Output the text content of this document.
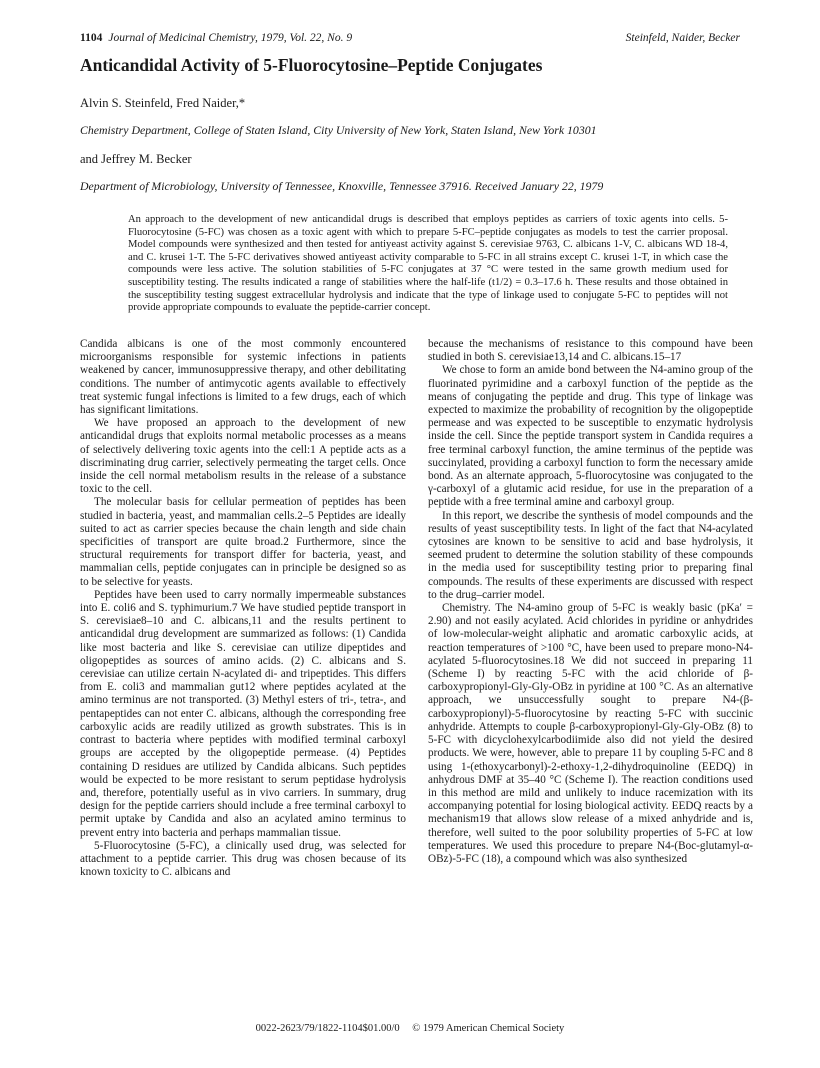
1104 Journal of Medicinal Chemistry, 1979, Vol. 22, No. 9	Steinfeld, Naider, Becker
Anticandidal Activity of 5-Fluorocytosine–Peptide Conjugates
Alvin S. Steinfeld, Fred Naider,*
Chemistry Department, College of Staten Island, City University of New York, Staten Island, New York 10301
and Jeffrey M. Becker
Department of Microbiology, University of Tennessee, Knoxville, Tennessee 37916. Received January 22, 1979

An approach to the development of new anticandidal drugs is described that employs peptides as carriers of toxic agents into cells. 5-Fluorocytosine (5-FC) was chosen as a toxic agent with which to prepare 5-FC–peptide conjugates as models to test the carrier proposal. Model compounds were synthesized and then tested for antiyeast activity against S. cerevisiae 9763, C. albicans 1-V, C. albicans WD 18-4, and C. krusei 1-T. The 5-FC derivatives showed antiyeast activity comparable to 5-FC in all strains except C. krusei 1-T, in which case the compounds were less active. The solution stabilities of 5-FC conjugates at 37 °C were tested in the same growth medium used for susceptibility testing. The results indicated a range of stabilities where the half-life (t1/2) = 0.3–17.6 h. These results and those obtained in the susceptibility testing suggest extracellular hydrolysis and indicate that the type of linkage used to conjugate 5-FC to peptides will not provide appropriate compounds to evaluate the peptide-carrier concept.

Candida albicans is one of the most commonly encountered microorganisms responsible for systemic infections in patients weakened by cancer, immunosuppressive therapy, and other debilitating conditions. The number of antimycotic agents available to effectively treat systemic fungal infections is limited to a few drugs, each of which has significant limitations.

We have proposed an approach to the development of new anticandidal drugs that exploits normal metabolic processes as a means of selectively delivering toxic agents into the cell:1 A peptide acts as a discriminating drug carrier, selectively permeating the target cells. Once inside the cell normal metabolism results in the release of a substance toxic to the cell.

The molecular basis for cellular permeation of peptides has been studied in bacteria, yeast, and mammalian cells.2–5 Peptides are ideally suited to act as carrier species because the chain length and side chain specificities of transport are quite broad.2 Furthermore, since the structural requirements for transport differ for bacteria, yeast, and mammalian cells, peptide conjugates can in principle be designed so as to be selective for yeasts.

Peptides have been used to carry normally impermeable substances into E. coli6 and S. typhimurium.7 We have studied peptide transport in S. cerevisiae8–10 and C. albicans,11 and the results pertinent to anticandidal drug development are summarized as follows: (1) Candida like most bacteria and like S. cerevisiae can utilize dipeptides and oligopeptides as sources of amino acids. (2) C. albicans and S. cerevisiae can utilize certain N-acylated di- and tripeptides. This differs from E. coli3 and mammalian gut12 where peptides acylated at the amino terminus are not transported. (3) Methyl esters of tri-, tetra-, and pentapeptides can not enter C. albicans, although the corresponding free carboxylic acids are readily utilized as growth substrates. This is in contrast to bacteria where peptides with modified terminal carboxyl groups are accepted by the oligopeptide permease. (4) Peptides containing D residues are utilized by Candida albicans. Such peptides would be expected to be more resistant to serum peptidase hydrolysis and, therefore, potentially useful as in vivo carriers. In summary, drug design for the peptide carriers should include a free terminal carboxyl to permit uptake by Candida and also an acylated amino terminus to prevent entry into bacteria and perhaps mammalian tissue.

5-Fluorocytosine (5-FC), a clinically used drug, was selected for attachment to a peptide carrier. This drug was chosen because of its known toxicity to C. albicans and

because the mechanisms of resistance to this compound have been studied in both S. cerevisiae13,14 and C. albicans.15–17

We chose to form an amide bond between the N4-amino group of the fluorinated pyrimidine and a carboxyl function of the peptide as the means of conjugating the peptide and drug. This type of linkage was expected to maximize the probability of recognition by the oligopeptide permease and was expected to be susceptible to enzymatic hydrolysis inside the cell. Since the peptide transport system in Candida requires a free terminal carboxyl function, the amine terminus of the peptide was succinylated, providing a carboxyl function to form the necessary amide bond. As an alternate approach, 5-fluorocytosine was conjugated to the γ-carboxyl of a glutamic acid residue, for use in the preparation of a peptide with a free terminal amine and carboxyl group.

In this report, we describe the synthesis of model compounds and the results of yeast susceptibility tests. In light of the fact that N4-acylated cytosines are known to be sensitive to acid and base hydrolysis, it seemed prudent to determine the solution stability of these compounds in the media used for susceptibility testing prior to preparing final compounds. The results of these experiments are discussed with respect to the drug–carrier model.

Chemistry. The N4-amino group of 5-FC is weakly basic (pKa′ = 2.90) and not easily acylated. Acid chlorides in pyridine or anhydrides of low-molecular-weight aliphatic and aromatic carboxylic acids, at reaction temperatures of >100 °C, have been used to prepare mono-N4-acylated 5-fluorocytosines.18 We did not succeed in preparing 11 (Scheme I) by reacting 5-FC with the acid chloride of β-carboxypropionyl-Gly-Gly-OBz in pyridine at 100 °C. As an alternative approach, we unsuccessfully sought to prepare N4-(β-carboxypropionyl)-5-fluorocytosine by reacting 5-FC with succinic anhydride. Attempts to couple β-carboxypropionyl-Gly-Gly-OBz (8) to 5-FC with dicyclohexylcarbodiimide also did not yield the desired products. We were, however, able to prepare 11 by coupling 5-FC and 8 using 1-(ethoxycarbonyl)-2-ethoxy-1,2-dihydroquinoline (EEDQ) in anhydrous DMF at 35–40 °C (Scheme I). The reaction conditions used in this method are mild and unlikely to induce racemization with its accompanying potential for losing biological activity. EEDQ reacts by a mechanism19 that allows slow release of a mixed anhydride and is, therefore, well suited to the poor solubility properties of 5-FC at low temperatures. We used this procedure to prepare N4-(Boc-glutamyl-α-OBz)-5-FC (18), a compound which was also synthesized

0022-2623/79/1822-1104$01.00/0 © 1979 American Chemical Society
